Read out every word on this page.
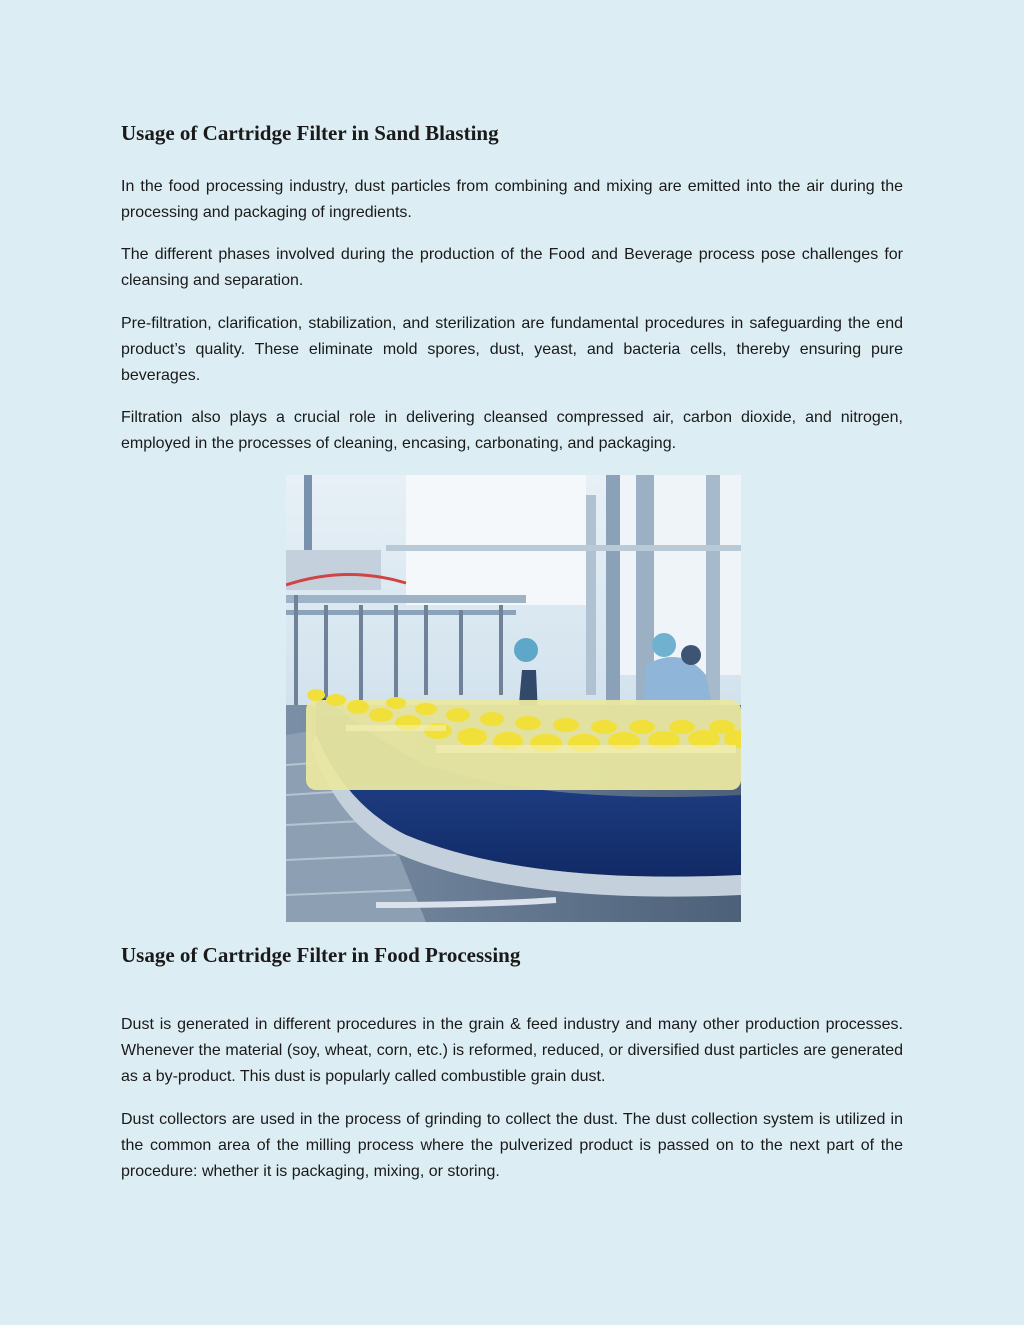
Usage of Cartridge Filter in Sand Blasting

In the food processing industry, dust particles from combining and mixing are emitted into the air during the processing and packaging of ingredients.

The different phases involved during the production of the Food and Beverage process pose challenges for cleansing and separation.

Pre-filtration, clarification, stabilization, and sterilization are fundamental procedures in safeguarding the end product’s quality. These eliminate mold spores, dust, yeast, and bacteria cells, thereby ensuring pure beverages.

Filtration also plays a crucial role in delivering cleansed compressed air, carbon dioxide, and nitrogen, employed in the processes of cleaning, encasing, carbonating, and packaging.

Usage of Cartridge Filter in Food Processing

Dust is generated in different procedures in the grain & feed industry and many other production processes. Whenever the material (soy, wheat, corn, etc.) is reformed, reduced, or diversified dust particles are generated as a by-product. This dust is popularly called combustible grain dust.

Dust collectors are used in the process of grinding to collect the dust. The dust collection system is utilized in the common area of the milling process where the pulverized product is passed on to the next part of the procedure: whether it is packaging, mixing, or storing.
